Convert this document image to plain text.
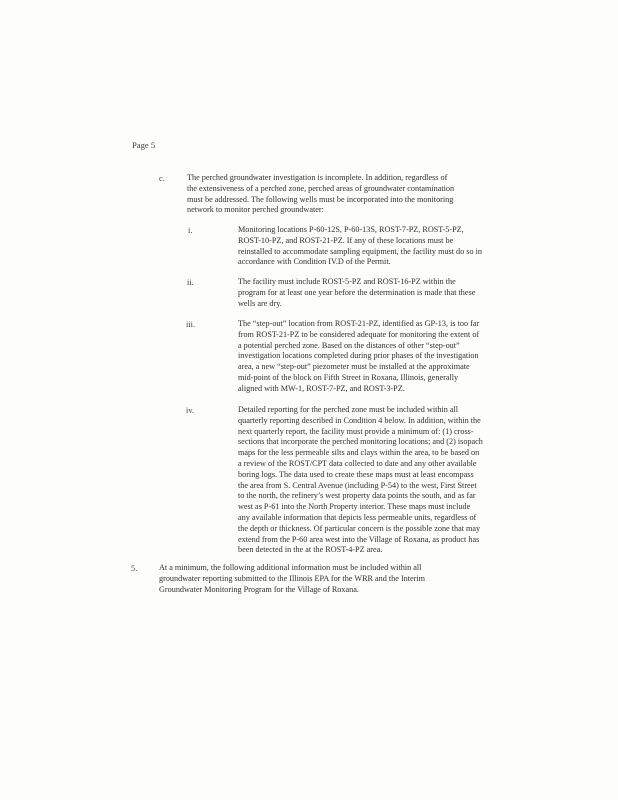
Page 5
c.	The perched groundwater investigation is incomplete. In addition, regardless of
the extensiveness of a perched zone, perched areas of groundwater contamination
must be addressed. The following wells must be incorporated into the monitoring
network to monitor perched groundwater:

i.	Monitoring locations P-60-12S, P-60-13S, ROST-7-PZ, ROST-5-PZ,
ROST-10-PZ, and ROST-21-PZ. If any of these locations must be
reinstalled to accommodate sampling equipment, the facility must do so in
accordance with Condition IV.D of the Permit.

ii.	The facility must include ROST-5-PZ and ROST-16-PZ within the
program for at least one year before the determination is made that these
wells are dry.

iii.	The “step-out” location from ROST-21-PZ, identified as GP-13, is too far
from ROST-21-PZ to be considered adequate for monitoring the extent of
a potential perched zone. Based on the distances of other “step-out”
investigation locations completed during prior phases of the investigation
area, a new “step-out” piezometer must be installed at the approximate
mid-point of the block on Fifth Street in Roxana, Illinois, generally
aligned with MW-1, ROST-7-PZ, and ROST-3-PZ.

iv.	Detailed reporting for the perched zone must be included within all
quarterly reporting described in Condition 4 below. In addition, within the
next quarterly report, the facility must provide a minimum of: (1) cross-
sections that incorporate the perched monitoring locations; and (2) isopach
maps for the less permeable silts and clays within the area, to be based on
a review of the ROST/CPT data collected to date and any other available
boring logs. The data used to create these maps must at least encompass
the area from S. Central Avenue (including P-54) to the west, First Street
to the north, the refinery’s west property data points the south, and as far
west as P-61 into the North Property interior. These maps must include
any available information that depicts less permeable units, regardless of
the depth or thickness. Of particular concern is the possible zone that may
extend from the P-60 area west into the Village of Roxana, as product has
been detected in the at the ROST-4-PZ area.

5.	At a minimum, the following additional information must be included within all
groundwater reporting submitted to the Illinois EPA for the WRR and the Interim
Groundwater Monitoring Program for the Village of Roxana.
